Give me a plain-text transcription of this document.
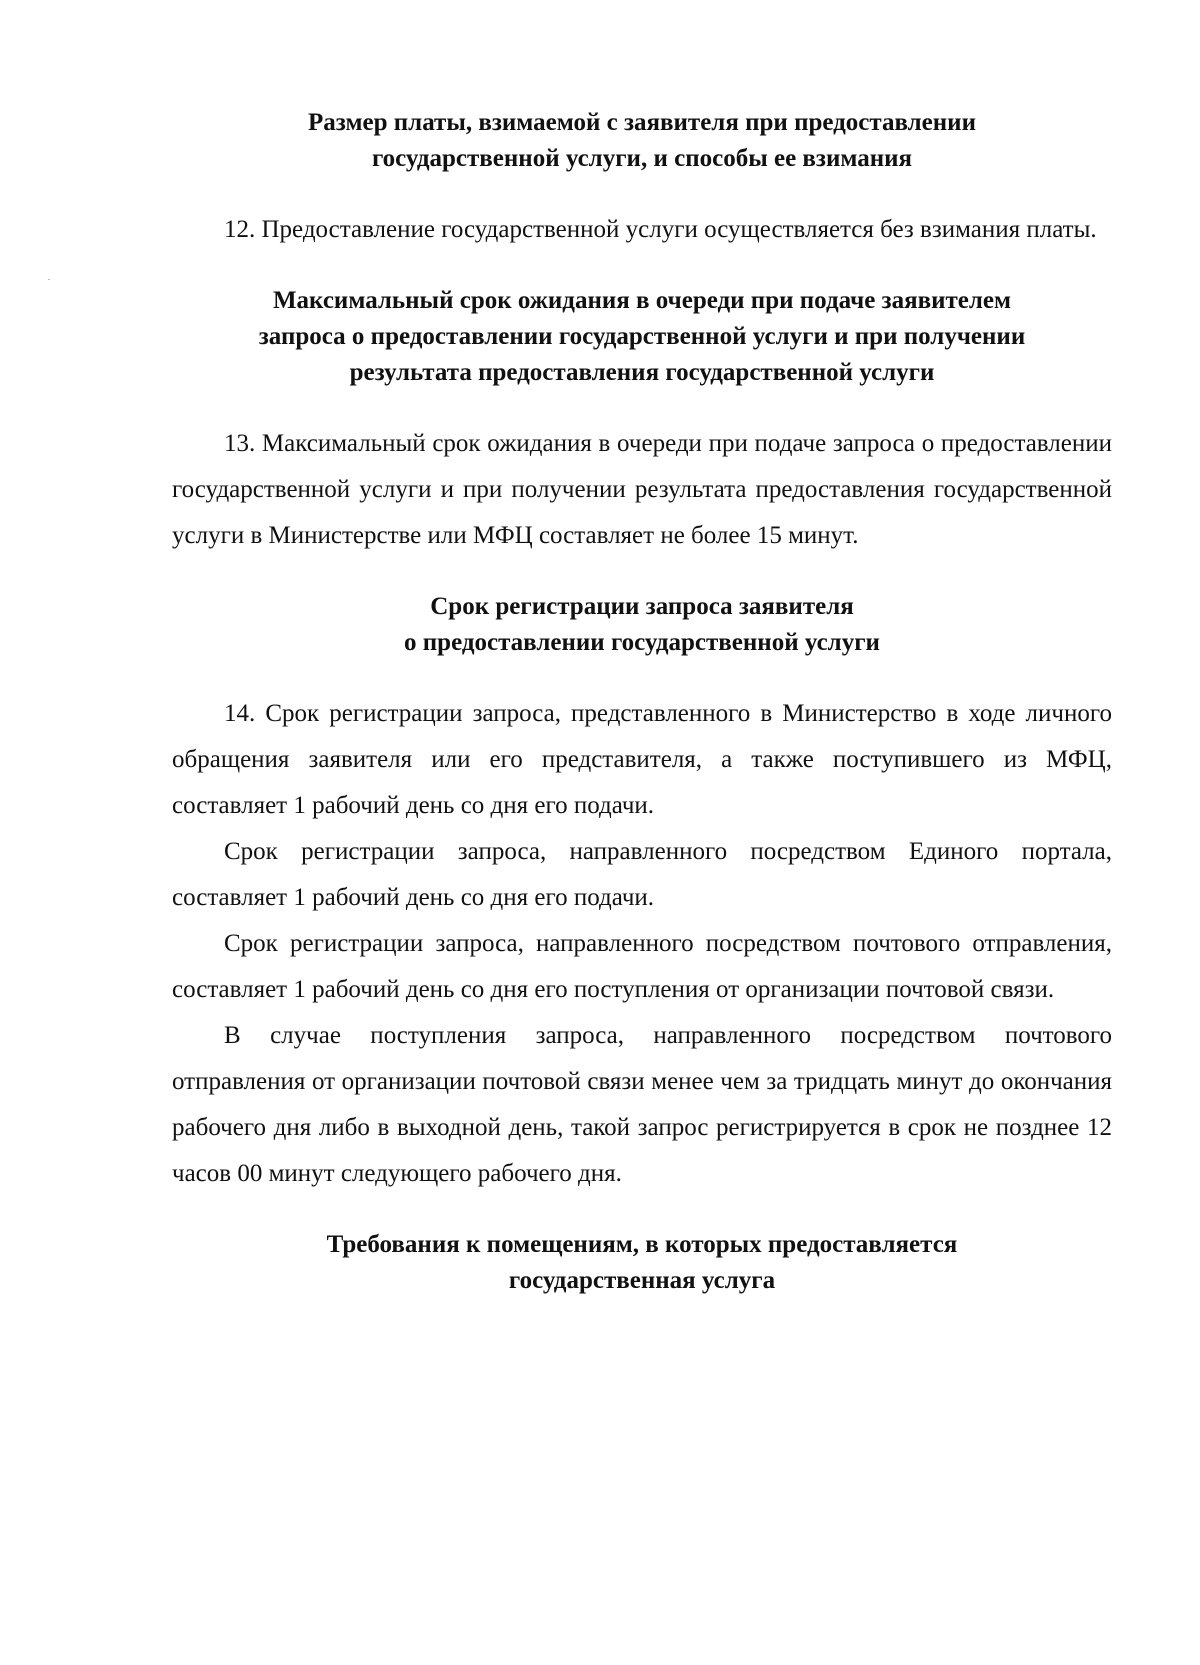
Размер платы, взимаемой с заявителя при предоставлении
государственной услуги, и способы ее взимания

12. Предоставление государственной услуги осуществляется без взимания платы.

Максимальный срок ожидания в очереди при подаче заявителем
запроса о предоставлении государственной услуги и при получении
результата предоставления государственной услуги

13. Максимальный срок ожидания в очереди при подаче запроса о предоставлении государственной услуги и при получении результата предоставления государственной услуги в Министерстве или МФЦ составляет не более 15 минут.

Срок регистрации запроса заявителя
о предоставлении государственной услуги

14. Срок регистрации запроса, представленного в Министерство в ходе личного обращения заявителя или его представителя, а также поступившего из МФЦ, составляет 1 рабочий день со дня его подачи.

Срок регистрации запроса, направленного посредством Единого портала, составляет 1 рабочий день со дня его подачи.

Срок регистрации запроса, направленного посредством почтового отправления, составляет 1 рабочий день со дня его поступления от организации почтовой связи.

В случае поступления запроса, направленного посредством почтового отправления от организации почтовой связи менее чем за тридцать минут до окончания рабочего дня либо в выходной день, такой запрос регистрируется в срок не позднее 12 часов 00 минут следующего рабочего дня.

Требования к помещениям, в которых предоставляется
государственная услуга
